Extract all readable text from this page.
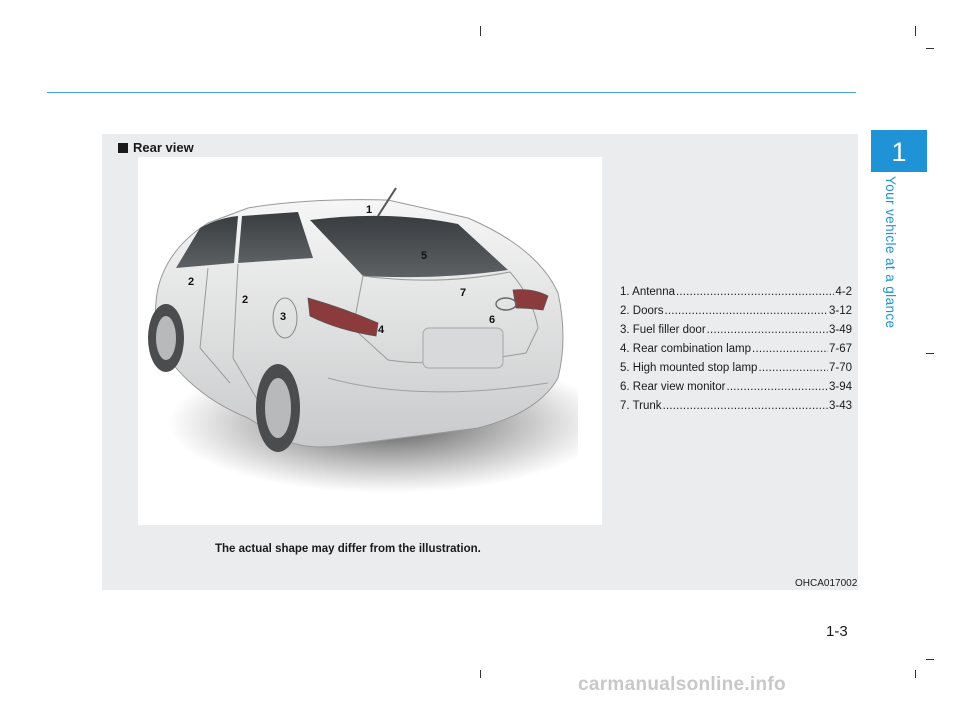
1
Your vehicle at a glance
Rear view
1
2
2
3
4
5
6
7	1. Antenna .....	4-2
2. Doors .....	3-12
3. Fuel filler door .....	3-49
4. Rear combination lamp .....	7-67
5. High mounted stop lamp .....	7-70
6. Rear view monitor .....	3-94
7. Trunk .....	3-43
The actual shape may differ from the illustration.
OHCA017002
1-3
carmanualsonline.info
